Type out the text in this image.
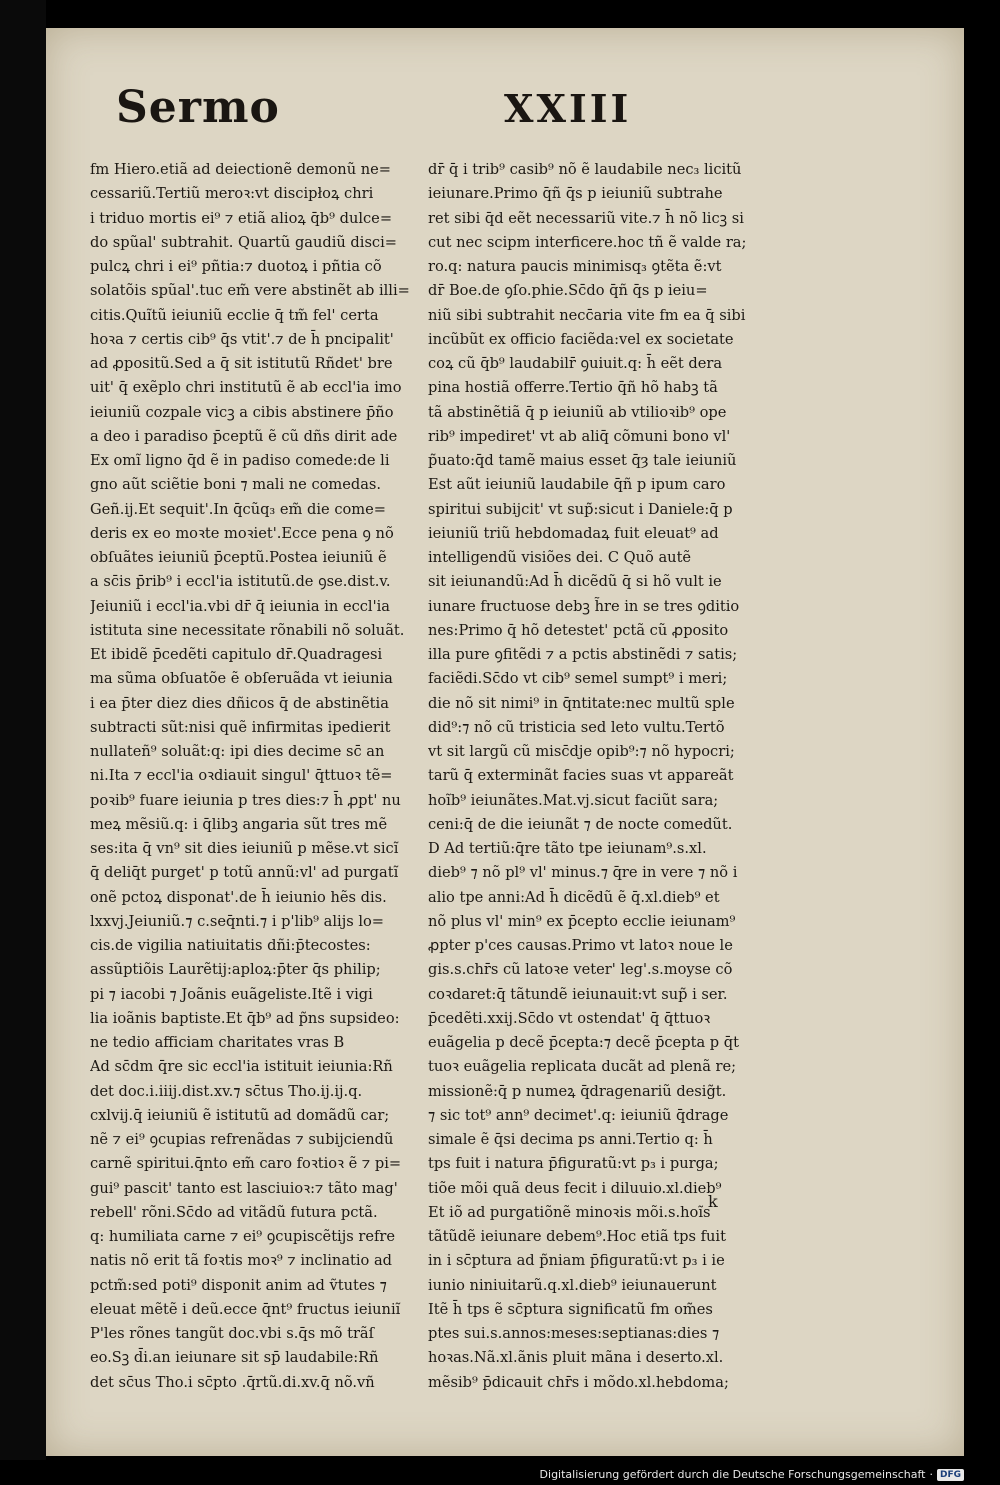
Sermo	XXIII
fm Hiero.etiã ad deiectionẽ demonũ ne=
cessariũ.Tertiũ meroꝛ:vt discipłoꝝ chri
i triduo mortis ei⁹ ⁊ etiã alioꝝ q̄b⁹ dulce=
do spũal' subtrahit. Quartũ gaudiũ disci=
pulcꝝ chri i ei⁹ pñtia:⁊ duotoꝝ i pñtia cõ
solatõis spũal'.tuc em̃ vere abstinẽt ab illi=
citis.Quĩtũ ieiuniũ ecclie q̄ tm̃ fel' certa
hoꝛa ⁊ certis cib⁹ q̄s vtit'.⁊ de h̄ pncipalit'
ad ꝓpositũ.Sed a q̄ sit istitutũ Rñdet' bre
uit' q̄ exẽplo chri institutũ ẽ ab eccl'ia imo
ieiuniũ cozpale vicꝫ a cibis abstinere p̄ño
a deo i paradiso p̄ceptũ ẽ cũ dñs dirit ade
Ex omĩ ligno q̄d ẽ in padiso comede:de li
gno aũt sciẽtie boni ⁊ mali ne comedas.
Geñ.ij.Et sequit'.In q̄cũq₃ em̃ die come=
deris ex eo moꝛte moꝛiet'.Ecce pena ꝯ nõ
obſuãtes ieiuniũ p̄ceptũ.Postea ieiuniũ ẽ
a sc̄is p̄rib⁹ i eccl'ia istitutũ.de ꝯse.dist.v.
Jeiuniũ i eccl'ia.vbi dr̄ q̄ ieiunia in eccl'ia
istituta sine necessitate rõnabili nõ soluãt.
Et ibidẽ p̄cedẽti capitulo dr̄.Quadragesi
ma sũma obſuatõe ẽ obſeruãda vt ieiunia
i ea p̄ter diez dies dñicos q̄ de abstinẽtia
subtracti sũt:nisi quẽ infirmitas ipedierit
nullateñ⁹ soluãt:q: ipi dies decime sc̄ an
ni.Ita ⁊ eccl'ia oꝛdiauit singul' q̄ttuoꝛ tẽ=
poꝛib⁹ fuare ieiunia p tres dies:⁊ h̄ ꝓpt' nu
meꝝ mẽsiũ.q: i q̄libꝫ angaria sũt tres mẽ
ses:ita q̄ vn⁹ sit dies ieiuniũ p mẽse.vt sicĩ
q̄ deliq̄t purget' p totũ annũ:vl' ad purgatĩ
onẽ pctoꝝ disponat'.de h̄ ieiunio hẽs dis.
lxxvj.Jeiuniũ.⁊ c.seq̄nti.⁊ i p'lib⁹ alijs lo=
cis.de vigilia natiuitatis dñi:p̄tecostes:
assũptiõis Laurẽtij:aploꝝ:p̄ter q̄s philip;
pi ⁊ iacobi ⁊ Joãnis euãgeliste.Itẽ i vigi
lia ioãnis baptiste.Et q̄b⁹ ad p̃ns supsideo:
ne tedio afficiam charitates vras B
Ad sc̄dm q̄re sic eccl'ia istituit ieiunia:Rñ
det doc.i.iiij.dist.xv.⁊ sc̄tus Tho.ij.ij.q.
cxlvij.q̄ ieiuniũ ẽ istitutũ ad domãdũ car;
nẽ ⁊ ei⁹ ꝯcupias refrenãdas ⁊ subijciendũ
carnẽ spiritui.q̄nto em̃ caro foꝛtioꝛ ẽ ⁊ pi=
gui⁹ pascit' tanto est lasciuioꝛ:⁊ tãto mag'
rebell' rõni.Sc̄do ad vitãdũ futura pctã.
q: humiliata carne ⁊ ei⁹ ꝯcupiscẽtijs refre
natis nõ erit tã foꝛtis moꝛ⁹ ⁊ inclinatio ad
pctm̃:sed poti⁹ disponit anim ad ṽtutes ⁊
eleuat mẽtẽ i deũ.ecce q̄nt⁹ fructus ieiuniĩ
P'les rõnes tangũt doc.vbi s.q̄s mõ trãſ
eo.Sꝫ d̄i.an ieiunare sit sp̄ laudabile:Rñ
det sc̄us Tho.i sc̄pto .q̄rtũ.di.xv.q̄ nõ.vñ
dr̄ q̄ i trib⁹ casib⁹ nõ ẽ laudabile nec₃ licitũ
ieiunare.Primo q̄ñ q̄s p ieiuniũ subtrahe
ret sibi q̄d eẽt necessariũ vite.⁊ h̄ nõ licꝫ si
cut nec scipm interficere.hoc tñ ẽ valde ra;
ro.q: natura paucis minimisq₃ ꝯtẽta ẽ:vt
dr̄ Boe.de ꝯſo.phie.Sc̄do q̄ñ q̄s p ieiu=
niũ sibi subtrahit necc̄aria vite fm ea q̄ sibi
incũbũt ex officio faciẽda:vel ex societate
coꝝ cũ q̄b⁹ laudabilr̄ ꝯuiuit.q: h̄ eẽt dera
pina hostiã offerre.Tertio q̄ñ hõ habꝫ tã
tã abstinẽtiã q̄ p ieiuniũ ab vtilioꝛib⁹ ope
rib⁹ impediret' vt ab aliq̄ cõmuni bono vl'
p̃uato:q̄d tamẽ maius esset q̄ȝ tale ieiuniũ
Est aũt ieiuniũ laudabile q̄ñ p ipum caro
spiritui subijcit' vt sup̃:sicut i Daniele:q̄ p
ieiuniũ triũ hebdomadaꝝ fuit eleuat⁹ ad
intelligendũ visiões dei. C Quõ autẽ
sit ieiunandũ:Ad h̄ dicẽdũ q̄ si hõ vult ie
iunare fructuose debꝫ h̃re in se tres ꝯditio
nes:Primo q̄ hõ detestet' pctã cũ ꝓposito
illa pure ꝯfitẽdi ⁊ a pctis abstinẽdi ⁊ satis;
faciẽdi.Sc̄do vt cib⁹ semel sumpt⁹ i meri;
die nõ sit nimi⁹ in q̄ntitate:nec multũ sple
did⁹:⁊ nõ cũ tristicia sed leto vultu.Tertõ
vt sit largũ cũ misc̄dje opib⁹:⁊ nõ hypocri;
tarũ q̄ exterminãt facies suas vt appareãt
hoĩb⁹ ieiunãtes.Mat.vj.sicut faciũt sara;
ceni:q̄ de die ieiunãt ⁊ de nocte comedũt.
D Ad tertiũ:q̄re tãto tpe ieiunam⁹.s.xl.
dieb⁹ ⁊ nõ pl⁹ vl' minus.⁊ q̄re in vere ⁊ nõ i
alio tpe anni:Ad h̄ dicẽdũ ẽ q̄.xl.dieb⁹ et
nõ plus vl' min⁹ ex p̄cepto ecclie ieiunam⁹
ꝓpter p'ces causas.Primo vt latoꝛ noue le
gis.s.chr̄s cũ latoꝛe veter' leg'.s.moyse cõ
coꝛdaret:q̄ tãtundẽ ieiunauit:vt sup̃ i ser.
p̄cedẽti.xxij.Sc̄do vt ostendat' q̄ q̄ttuoꝛ
euãgelia p decẽ p̄cepta:⁊ decẽ p̄cepta p q̄t
tuoꝛ euãgelia replicata ducãt ad plenã re;
missionẽ:q̄ p numeꝝ q̄dragenariũ desig̃t.
⁊ sic tot⁹ ann⁹ decimet'.q: ieiuniũ q̄drage
simale ẽ q̄si decima ps anni.Tertio q: h̄
tps fuit i natura p̄figuratũ:vt p₃ i purga;
tiõe mõi quã deus fecit i diluuio.xl.dieb⁹
Et iõ ad purgatiõnẽ minoꝛis mõi.s.hoĩs
tãtũdẽ ieiunare debem⁹.Hoc etiã tps fuit
in i sc̄ptura ad p̃niam p̄figuratũ:vt p₃ i ie
iunio niniuitarũ.q.xl.dieb⁹ ieiunauerunt
Itẽ h̄ tps ẽ sc̄ptura significatũ fm om̃es
ptes sui.s.annos:meses:septianas:dies ⁊
hoꝛas.Nã.xl.ãnis pluit mãna i deserto.xl.
mẽsib⁹ p̄dicauit chr̄s i mõdo.xl.hebdoma;
k
Digitalisierung gefördert durch die Deutsche Forschungsgemeinschaft · DFG
